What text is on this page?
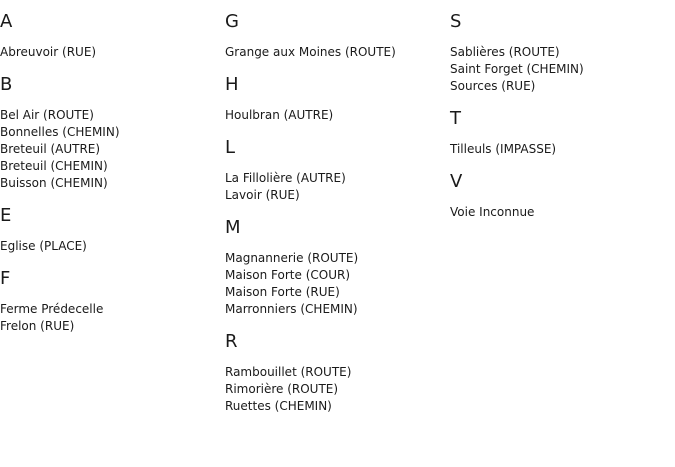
A
Abreuvoir (RUE)
B
Bel Air (ROUTE)
Bonnelles (CHEMIN)
Breteuil (AUTRE)
Breteuil (CHEMIN)
Buisson (CHEMIN)
E
Eglise (PLACE)
F
Ferme Prédecelle
Frelon (RUE)
G
Grange aux Moines (ROUTE)
H
Houlbran (AUTRE)
L
La Fillolière (AUTRE)
Lavoir (RUE)
M
Magnannerie (ROUTE)
Maison Forte (COUR)
Maison Forte (RUE)
Marronniers (CHEMIN)
R
Rambouillet (ROUTE)
Rimorière (ROUTE)
Ruettes (CHEMIN)
S
Sablières (ROUTE)
Saint Forget (CHEMIN)
Sources (RUE)
T
Tilleuls (IMPASSE)
V
Voie Inconnue
